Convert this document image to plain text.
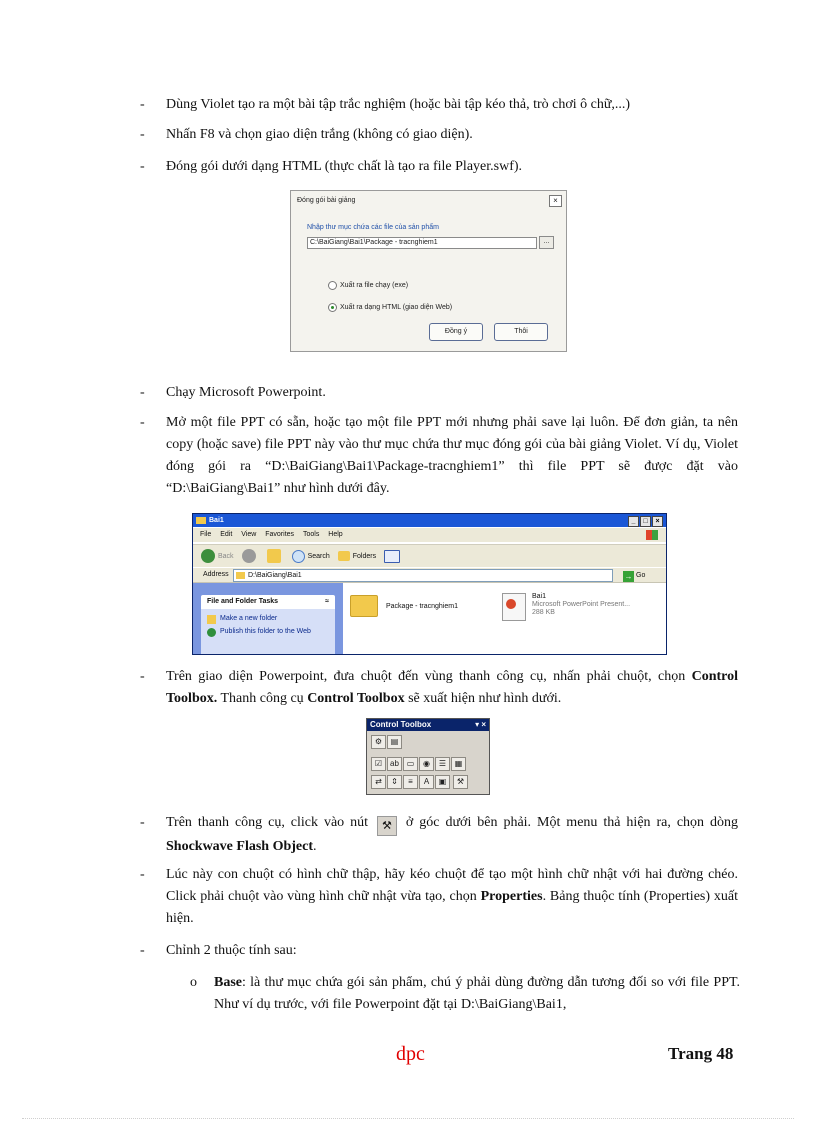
- Dùng Violet tạo ra một bài tập trắc nghiệm (hoặc bài tập kéo thả, trò chơi ô chữ,...)
- Nhấn F8 và chọn giao diện trắng (không có giao diện).
- Đóng gói dưới dạng HTML (thực chất là tạo ra file Player.swf).
Đóng gói bài giảng	×
Nhập thư mục chứa các file của sản phẩm
C:\BaiGiang\Bai1\Package - tracnghiem1	...
Xuất ra file chạy (exe)
Xuất ra dạng HTML (giao diện Web)
Đồng ý	Thôi
- Chạy Microsoft Powerpoint.
- Mở một file PPT có sẵn, hoặc tạo một file PPT mới nhưng phải save lại luôn. Để đơn giản, ta nên copy (hoặc save) file PPT này vào thư mục chứa thư mục đóng gói của bài giảng Violet. Ví dụ, Violet đóng gói ra “D:\BaiGiang\Bai1\Package-tracnghiem1” thì file PPT sẽ được đặt vào “D:\BaiGiang\Bai1” như hình dưới đây.
Bai1	_	□	×
File Edit View Favorites Tools Help
Back	Search	Folders
Address	D:\BaiGiang\Bai1	→ Go
File and Folder Tasks	≈
Make a new folder
Publish this folder to the Web
Package - tracnghiem1
Bai1
Microsoft PowerPoint Present...
288 KB
- Trên giao diện Powerpoint, đưa chuột đến vùng thanh công cụ, nhấn phải chuột, chọn Control Toolbox. Thanh công cụ Control Toolbox sẽ xuất hiện như hình dưới.
Control Toolbox	▾ ×
⚙	▤
☑ ab ▭	◉	☰	▦
⇄	⇕	≡	A	▣	⚒
- Trên thanh công cụ, click vào nút ⚒ ở góc dưới bên phải. Một menu thả hiện ra, chọn dòng Shockwave Flash Object.
- Lúc này con chuột có hình chữ thập, hãy kéo chuột để tạo một hình chữ nhật với hai đường chéo. Click phải chuột vào vùng hình chữ nhật vừa tạo, chọn Properties. Bảng thuộc tính (Properties) xuất hiện.
- Chỉnh 2 thuộc tính sau:
o Base: là thư mục chứa gói sản phẩm, chú ý phải dùng đường dẫn tương đối so với file PPT. Như ví dụ trước, với file Powerpoint đặt tại D:\BaiGiang\Bai1,
dpc	Trang 48
